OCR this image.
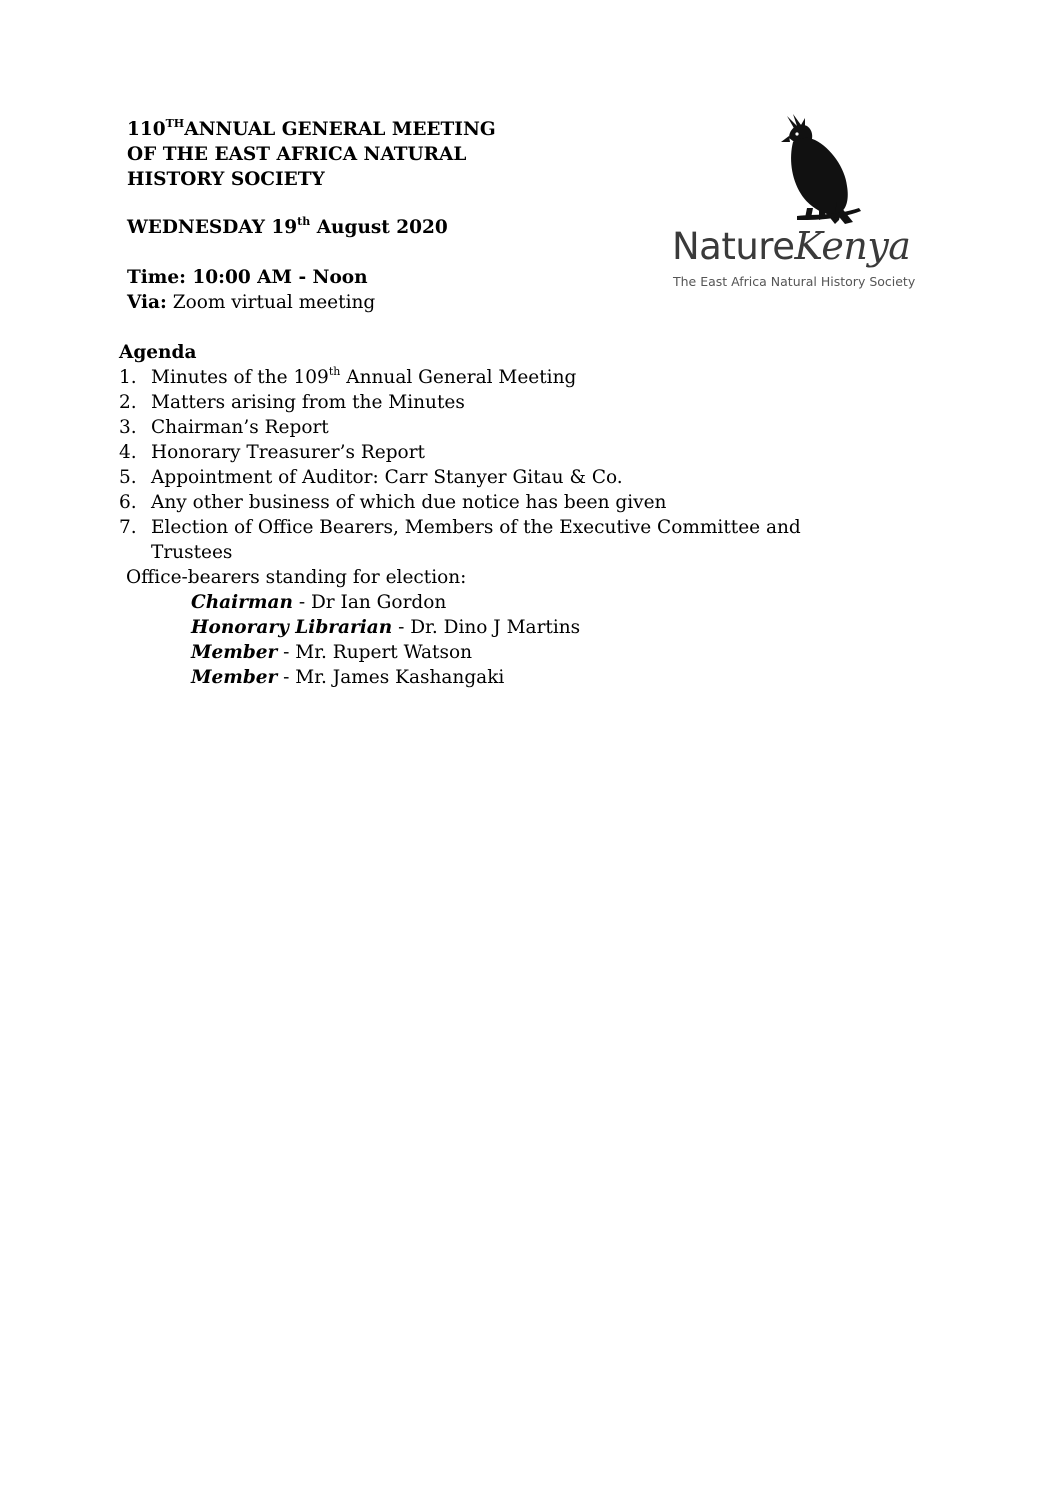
110THANNUAL GENERAL MEETING
OF THE EAST AFRICA NATURAL
HISTORY SOCIETY
WEDNESDAY 19th August 2020
Time: 10:00 AM - Noon
Via: Zoom virtual meeting
NatureKenya
The East Africa Natural History Society
Agenda
1. Minutes of the 109th Annual General Meeting
2. Matters arising from the Minutes
3. Chairman’s Report
4. Honorary Treasurer’s Report
5. Appointment of Auditor: Carr Stanyer Gitau & Co.
6. Any other business of which due notice has been given
7. Election of Office Bearers, Members of the Executive Committee and Trustees
Office-bearers standing for election:
Chairman - Dr Ian Gordon
Honorary Librarian - Dr. Dino J Martins
Member - Mr. Rupert Watson
Member - Mr. James Kashangaki
